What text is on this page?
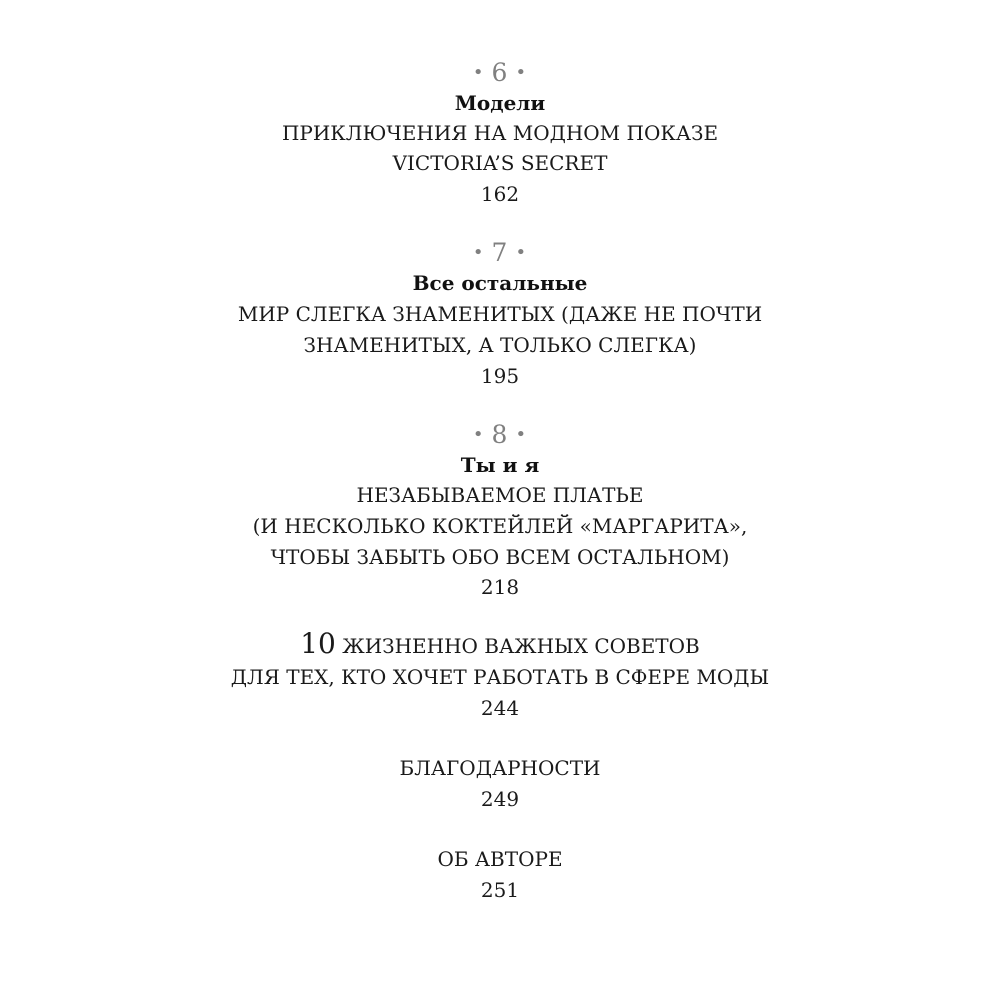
• 6 •
Модели
ПРИКЛЮЧЕНИЯ НА МОДНОМ ПОКАЗЕ
VICTORIA’S SECRET
162
• 7 •
Все остальные
МИР СЛЕГКА ЗНАМЕНИТЫХ (ДАЖЕ НЕ ПОЧТИ
ЗНАМЕНИТЫХ, А ТОЛЬКО СЛЕГКА)
195
• 8 •
Ты и я
НЕЗАБЫВАЕМОЕ ПЛАТЬЕ
(И НЕСКОЛЬКО КОКТЕЙЛЕЙ «МАРГАРИТА»,
ЧТОБЫ ЗАБЫТЬ ОБО ВСЕМ ОСТАЛЬНОМ)
218
10 ЖИЗНЕННО ВАЖНЫХ СОВЕТОВ
ДЛЯ ТЕХ, КТО ХОЧЕТ РАБОТАТЬ В СФЕРЕ МОДЫ
244
БЛАГОДАРНОСТИ
249
ОБ АВТОРЕ
251
